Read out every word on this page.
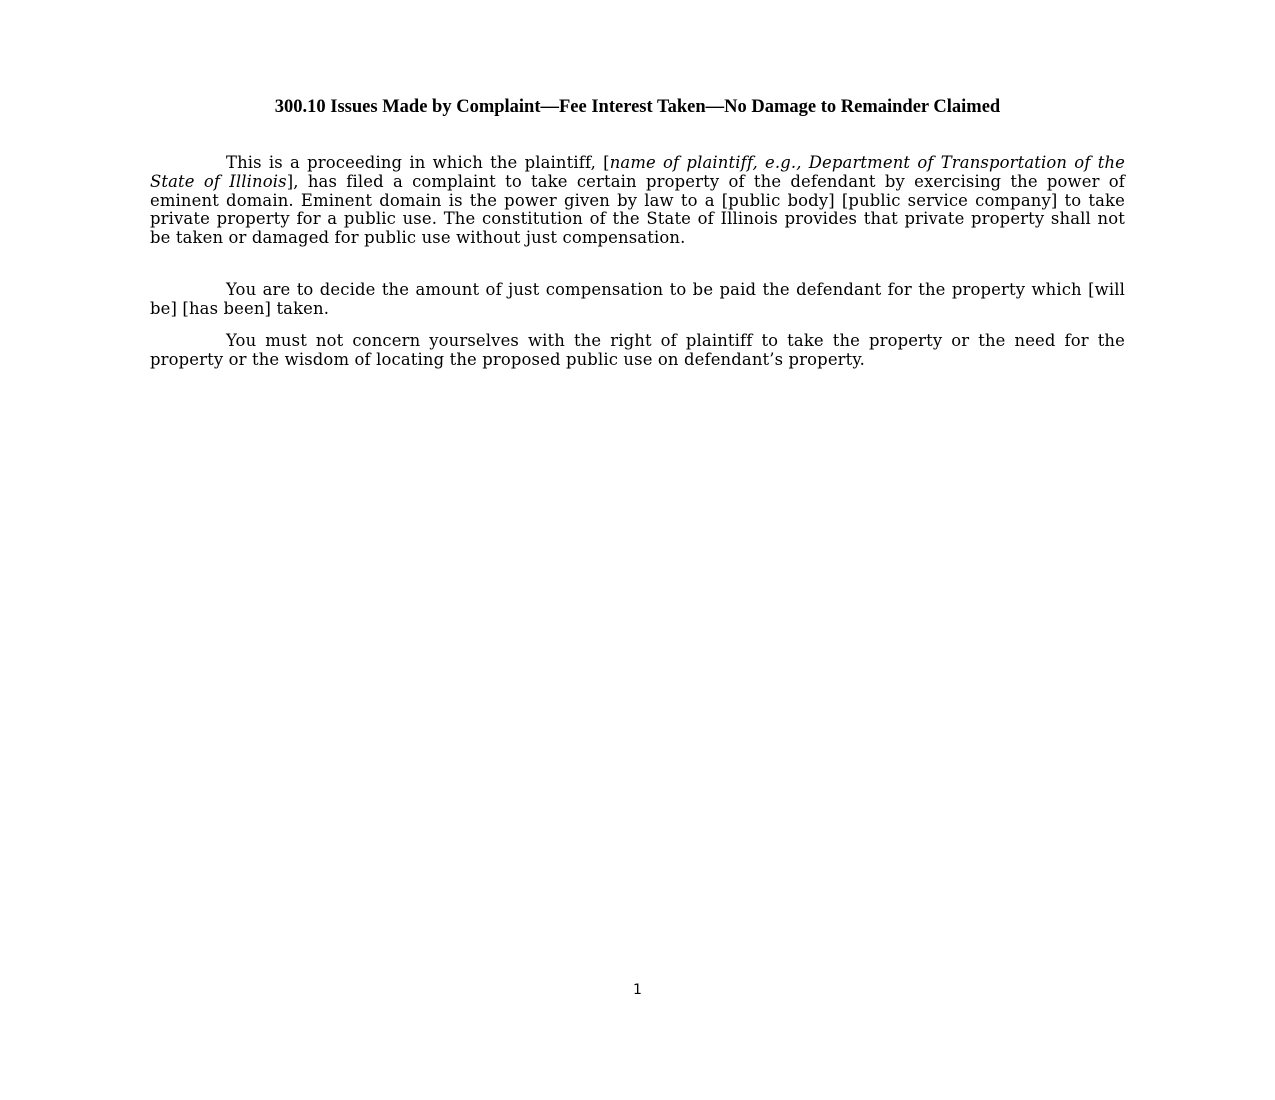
300.10 Issues Made by Complaint—Fee Interest Taken—No Damage to Remainder Claimed

This is a proceeding in which the plaintiff, [name of plaintiff, e.g., Department of Transportation of the State of Illinois], has filed a complaint to take certain property of the defendant by exercising the power of eminent domain. Eminent domain is the power given by law to a [public body] [public service company] to take private property for a public use. The constitution of the State of Illinois provides that private property shall not be taken or damaged for public use without just compensation.

You are to decide the amount of just compensation to be paid the defendant for the property which [will be] [has been] taken.

You must not concern yourselves with the right of plaintiff to take the property or the need for the property or the wisdom of locating the proposed public use on defendant’s property.

1
